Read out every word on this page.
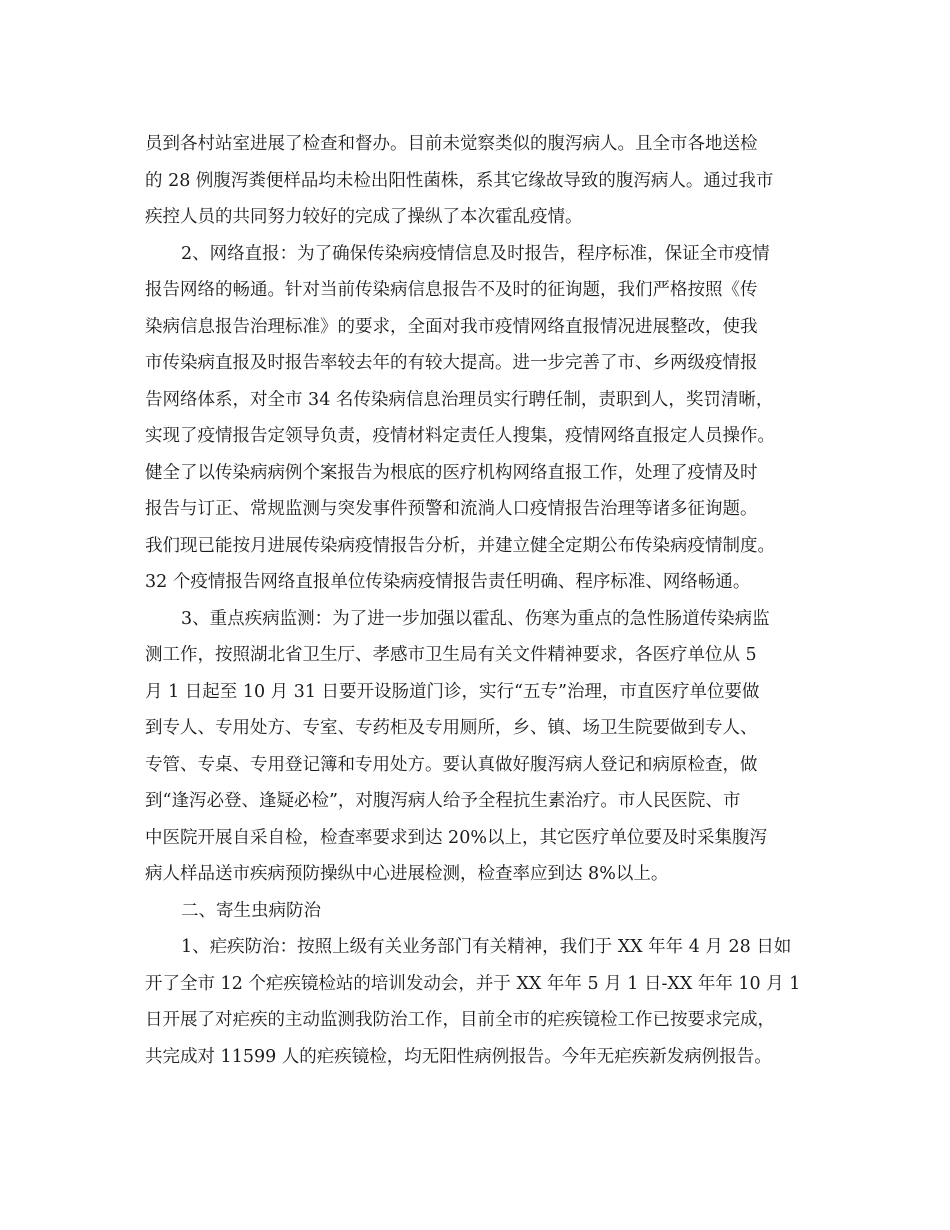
员到各村站室进展了检查和督办。目前未觉察类似的腹泻病人。且全市各地送检
的 28 例腹泻粪便样品均未检出阳性菌株，系其它缘故导致的腹泻病人。通过我市
疾控人员的共同努力较好的完成了操纵了本次霍乱疫情。
2、网络直报：为了确保传染病疫情信息及时报告，程序标准，保证全市疫情
报告网络的畅通。针对当前传染病信息报告不及时的征询题，我们严格按照《传
染病信息报告治理标准》的要求，全面对我市疫情网络直报情况进展整改，使我
市传染病直报及时报告率较去年的有较大提高。进一步完善了市、乡两级疫情报
告网络体系，对全市 34 名传染病信息治理员实行聘任制，责职到人，奖罚清晰，
实现了疫情报告定领导负责，疫情材料定责任人搜集，疫情网络直报定人员操作。
健全了以传染病病例个案报告为根底的医疗机构网络直报工作，处理了疫情及时
报告与订正、常规监测与突发事件预警和流淌人口疫情报告治理等诸多征询题。
我们现已能按月进展传染病疫情报告分析，并建立健全定期公布传染病疫情制度。
32 个疫情报告网络直报单位传染病疫情报告责任明确、程序标准、网络畅通。
3、重点疾病监测：为了进一步加强以霍乱、伤寒为重点的急性肠道传染病监
测工作，按照湖北省卫生厅、孝感市卫生局有关文件精神要求，各医疗单位从 5
月 1 日起至 10 月 31 日要开设肠道门诊，实行“五专”治理，市直医疗单位要做
到专人、专用处方、专室、专药柜及专用厕所，乡、镇、场卫生院要做到专人、
专管、专桌、专用登记簿和专用处方。要认真做好腹泻病人登记和病原检查，做
到“逢泻必登、逢疑必检”，对腹泻病人给予全程抗生素治疗。市人民医院、市
中医院开展自采自检，检查率要求到达 20%以上，其它医疗单位要及时采集腹泻
病人样品送市疾病预防操纵中心进展检测，检查率应到达 8%以上。
二、寄生虫病防治
1、疟疾防治：按照上级有关业务部门有关精神，我们于 XX 年年 4 月 28 日如
开了全市 12 个疟疾镜检站的培训发动会，并于 XX 年年 5 月 1 日-XX 年年 10 月 1
日开展了对疟疾的主动监测我防治工作，目前全市的疟疾镜检工作已按要求完成，
共完成对 11599 人的疟疾镜检，均无阳性病例报告。今年无疟疾新发病例报告。
